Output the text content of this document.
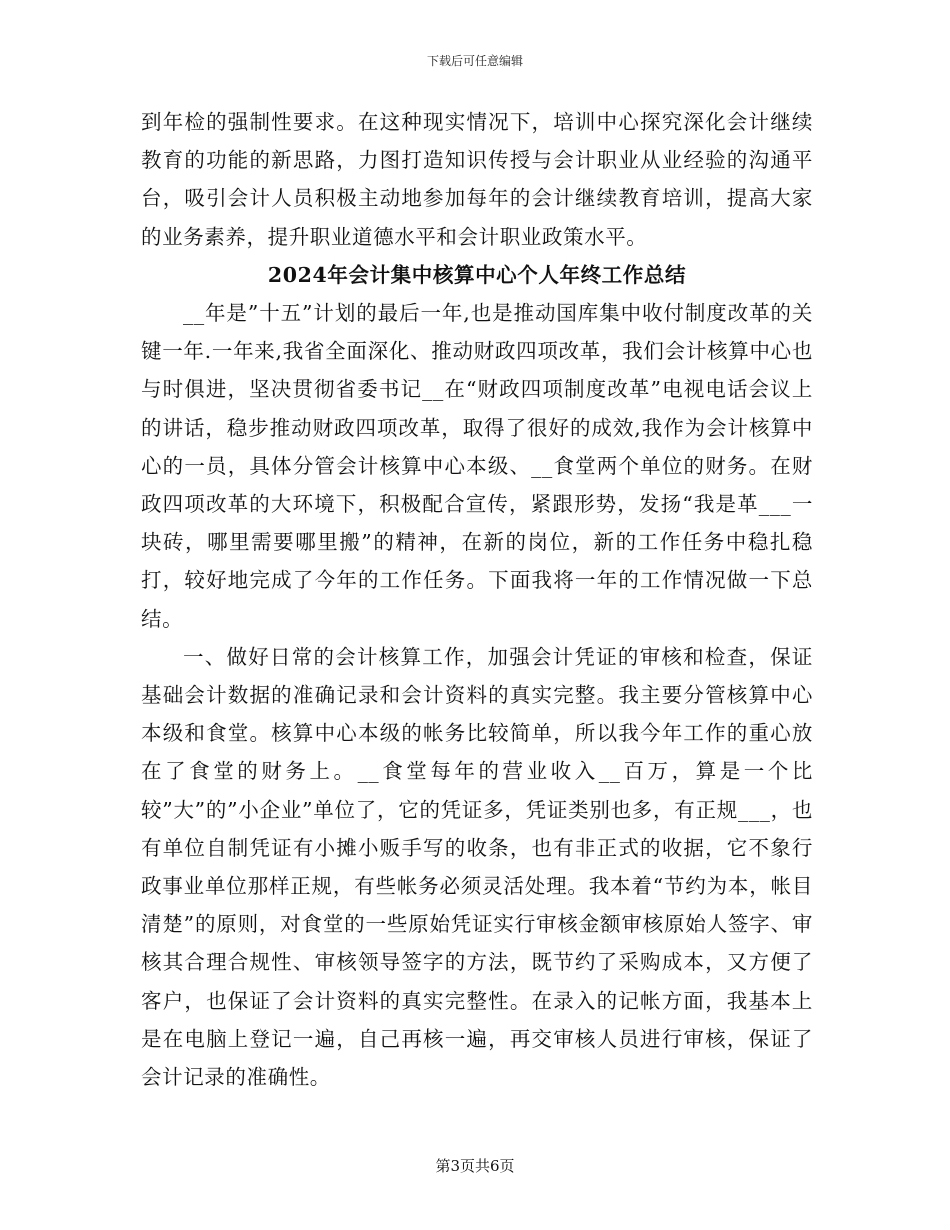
下载后可任意编辑

到年检的强制性要求。在这种现实情况下，培训中心探究深化会计继续教育的功能的新思路，力图打造知识传授与会计职业从业经验的沟通平台，吸引会计人员积极主动地参加每年的会计继续教育培训，提高大家的业务素养，提升职业道德水平和会计职业政策水平。

2024年会计集中核算中心个人年终工作总结

__年是”十五”计划的最后一年,也是推动国库集中收付制度改革的关键一年.一年来,我省全面深化、推动财政四项改革，我们会计核算中心也与时俱进，坚决贯彻省委书记__在“财政四项制度改革”电视电话会议上的讲话，稳步推动财政四项改革，取得了很好的成效,我作为会计核算中心的一员，具体分管会计核算中心本级、__食堂两个单位的财务。在财政四项改革的大环境下，积极配合宣传，紧跟形势，发扬“我是革___一块砖，哪里需要哪里搬”的精神，在新的岗位，新的工作任务中稳扎稳打，较好地完成了今年的工作任务。下面我将一年的工作情况做一下总结。

一、做好日常的会计核算工作，加强会计凭证的审核和检查，保证基础会计数据的准确记录和会计资料的真实完整。我主要分管核算中心本级和食堂。核算中心本级的帐务比较简单，所以我今年工作的重心放在了食堂的财务上。__食堂每年的营业收入__百万，算是一个比较”大”的”小企业”单位了，它的凭证多，凭证类别也多，有正规___，也有单位自制凭证有小摊小贩手写的收条，也有非正式的收据，它不象行政事业单位那样正规，有些帐务必须灵活处理。我本着“节约为本，帐目清楚”的原则，对食堂的一些原始凭证实行审核金额审核原始人签字、审核其合理合规性、审核领导签字的方法，既节约了采购成本，又方便了客户，也保证了会计资料的真实完整性。在录入的记帐方面，我基本上是在电脑上登记一遍，自己再核一遍，再交审核人员进行审核，保证了会计记录的准确性。

第3页共6页
